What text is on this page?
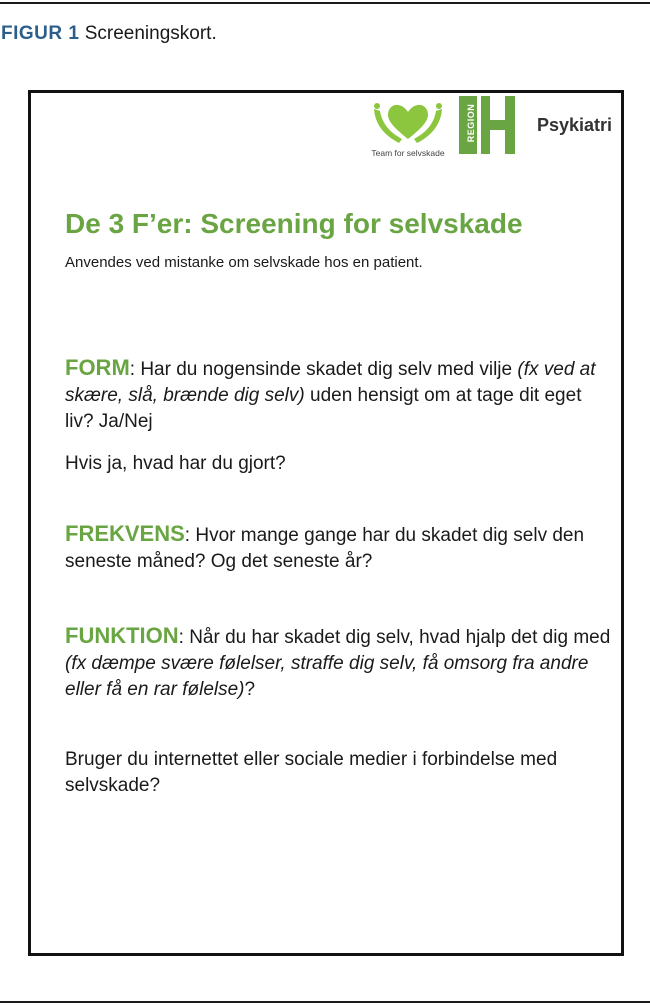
FIGUR 1 Screeningskort.
Team for selvskade
REGION	Psykiatri
De 3 F’er: Screening for selvskade
Anvendes ved mistanke om selvskade hos en patient.
FORM: Har du nogensinde skadet dig selv med vilje (fx ved at skære, slå, brænde dig selv) uden hensigt om at tage dit eget liv? Ja/Nej
Hvis ja, hvad har du gjort?
FREKVENS: Hvor mange gange har du skadet dig selv den seneste måned? Og det seneste år?
FUNKTION: Når du har skadet dig selv, hvad hjalp det dig med (fx dæmpe svære følelser, straffe dig selv, få omsorg fra andre eller få en rar følelse)?
Bruger du internettet eller sociale medier i forbindelse med selvskade?
